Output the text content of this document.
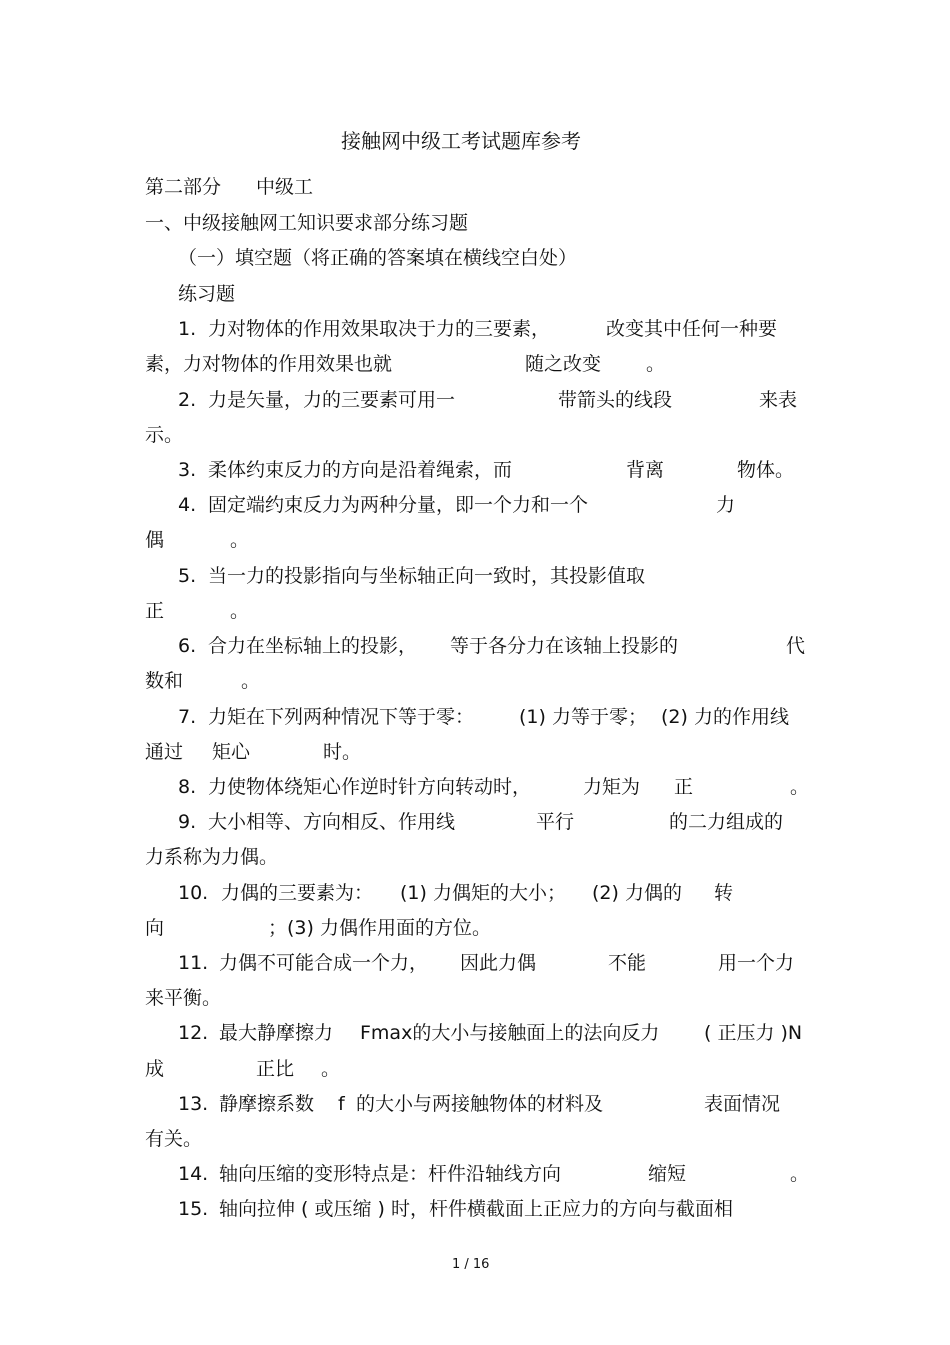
接触网中级工考试题库参考
第二部分 中级工
一、中级接触网工知识要求部分练习题
（一）填空题（将正确的答案填在横线空白处）
练习题
1. 力对物体的作用效果取决于力的三要素，	改变其中任何一种要
素，力对物体的作用效果也就	随之改变 。
2. 力是矢量，力的三要素可用一	带箭头的线段	来表
示。
3. 柔体约束反力的方向是沿着绳索，而	背离	物体。
4. 固定端约束反力为两种分量，即一个力和一个	力
偶	。
5. 当一力的投影指向与坐标轴正向一致时，其投影值取
正	。
6. 合力在坐标轴上的投影， 等于各分力在该轴上投影的	代
数和	。
7. 力矩在下列两种情况下等于零： (1) 力等于零； (2) 力的作用线
通过 矩心	时。
8. 力使物体绕矩心作逆时针方向转动时，	力矩为 正	。
9. 大小相等、方向相反、作用线	平行	的二力组成的
力系称为力偶。
10. 力偶的三要素为： (1) 力偶矩的大小； (2) 力偶的 转
向	；(3) 力偶作用面的方位。
11. 力偶不可能合成一个力， 因此力偶	不能	用一个力
来平衡。
12. 最大静摩擦力 Fmax的大小与接触面上的法向反力 ( 正压力 )N
成	正比 。
13. 静摩擦系数 f 的大小与两接触物体的材料及	表面情况
有关。
14. 轴向压缩的变形特点是：杆件沿轴线方向	缩短	。
15. 轴向拉伸 ( 或压缩 ) 时，杆件横截面上正应力的方向与截面相
1 / 16
